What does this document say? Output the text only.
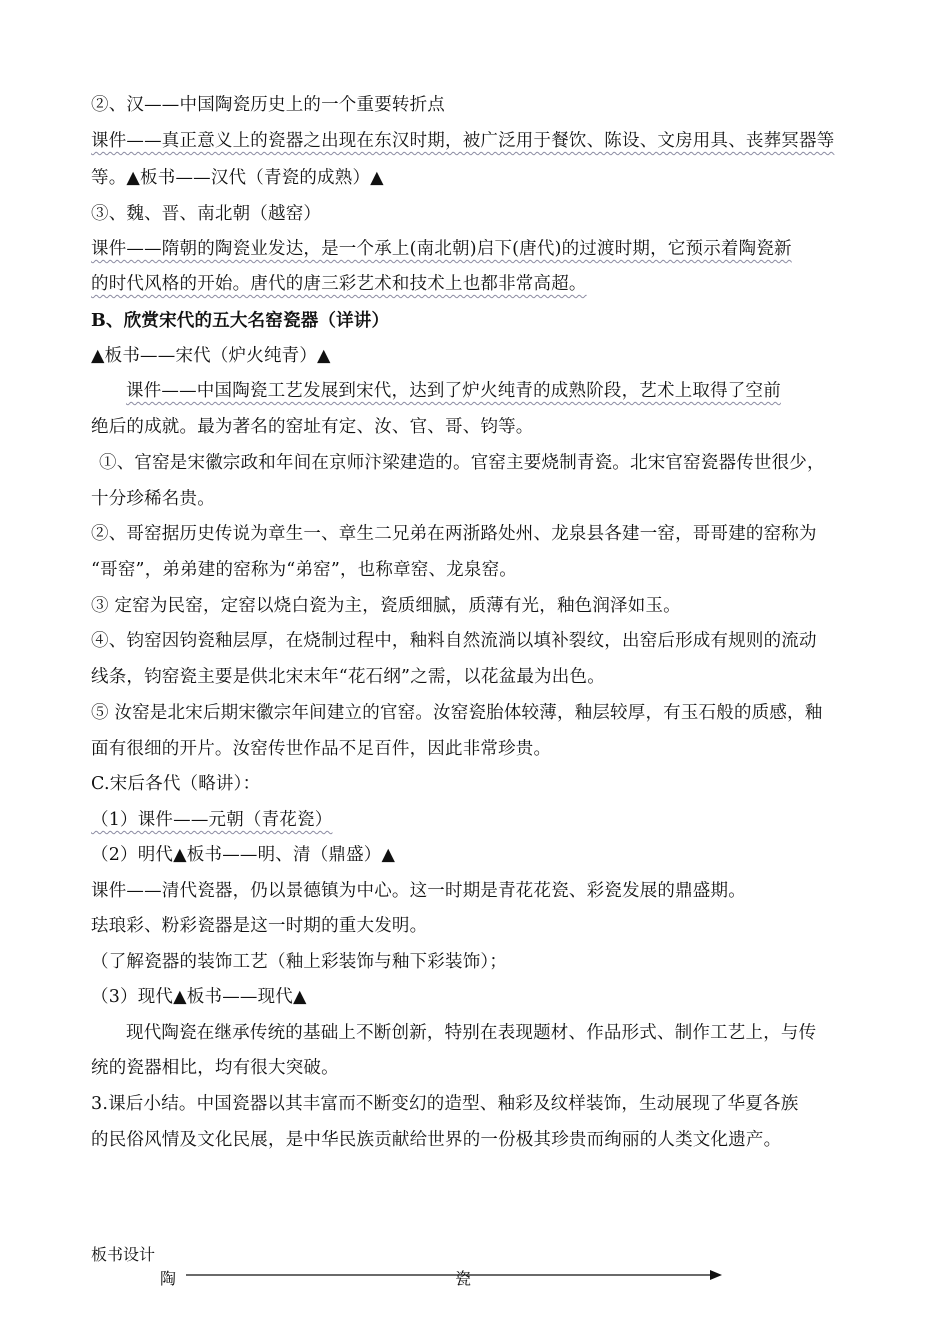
②、汉——中国陶瓷历史上的一个重要转折点
课件——真正意义上的瓷器之出现在东汉时期，被广泛用于餐饮、陈设、文房用具、丧葬冥器等
等。▲板书——汉代（青瓷的成熟）▲
③、魏、晋、南北朝（越窑）
课件——隋朝的陶瓷业发达，是一个承上(南北朝)启下(唐代)的过渡时期，它预示着陶瓷新
的时代风格的开始。唐代的唐三彩艺术和技术上也都非常高超。
B、欣赏宋代的五大名窑瓷器（详讲）
▲板书——宋代（炉火纯青）▲
课件——中国陶瓷工艺发展到宋代，达到了炉火纯青的成熟阶段，艺术上取得了空前
绝后的成就。最为著名的窑址有定、汝、官、哥、钧等。
①、官窑是宋徽宗政和年间在京师汴梁建造的。官窑主要烧制青瓷。北宋官窑瓷器传世很少，
十分珍稀名贵。
②、哥窑据历史传说为章生一、章生二兄弟在两浙路处州、龙泉县各建一窑，哥哥建的窑称为
“哥窑”，弟弟建的窑称为“弟窑”，也称章窑、龙泉窑。
③ 定窑为民窑，定窑以烧白瓷为主，瓷质细腻，质薄有光，釉色润泽如玉。
④、钧窑因钧瓷釉层厚，在烧制过程中，釉料自然流淌以填补裂纹，出窑后形成有规则的流动
线条，钧窑瓷主要是供北宋末年“花石纲”之需，以花盆最为出色。
⑤ 汝窑是北宋后期宋徽宗年间建立的官窑。汝窑瓷胎体较薄，釉层较厚，有玉石般的质感，釉
面有很细的开片。汝窑传世作品不足百件，因此非常珍贵。
C.宋后各代（略讲）：
（1）课件——元朝（青花瓷）
（2）明代▲板书——明、清（鼎盛）▲
课件——清代瓷器，仍以景德镇为中心。这一时期是青花花瓷、彩瓷发展的鼎盛期。
珐琅彩、粉彩瓷器是这一时期的重大发明。
（了解瓷器的装饰工艺（釉上彩装饰与釉下彩装饰）；
（3）现代▲板书——现代▲
现代陶瓷在继承传统的基础上不断创新，特别在表现题材、作品形式、制作工艺上，与传
统的瓷器相比，均有很大突破。
3.课后小结。中国瓷器以其丰富而不断变幻的造型、釉彩及纹样装饰，生动展现了华夏各族
的民俗风情及文化民展，是中华民族贡献给世界的一份极其珍贵而绚丽的人类文化遗产。
板书设计
陶	瓷
